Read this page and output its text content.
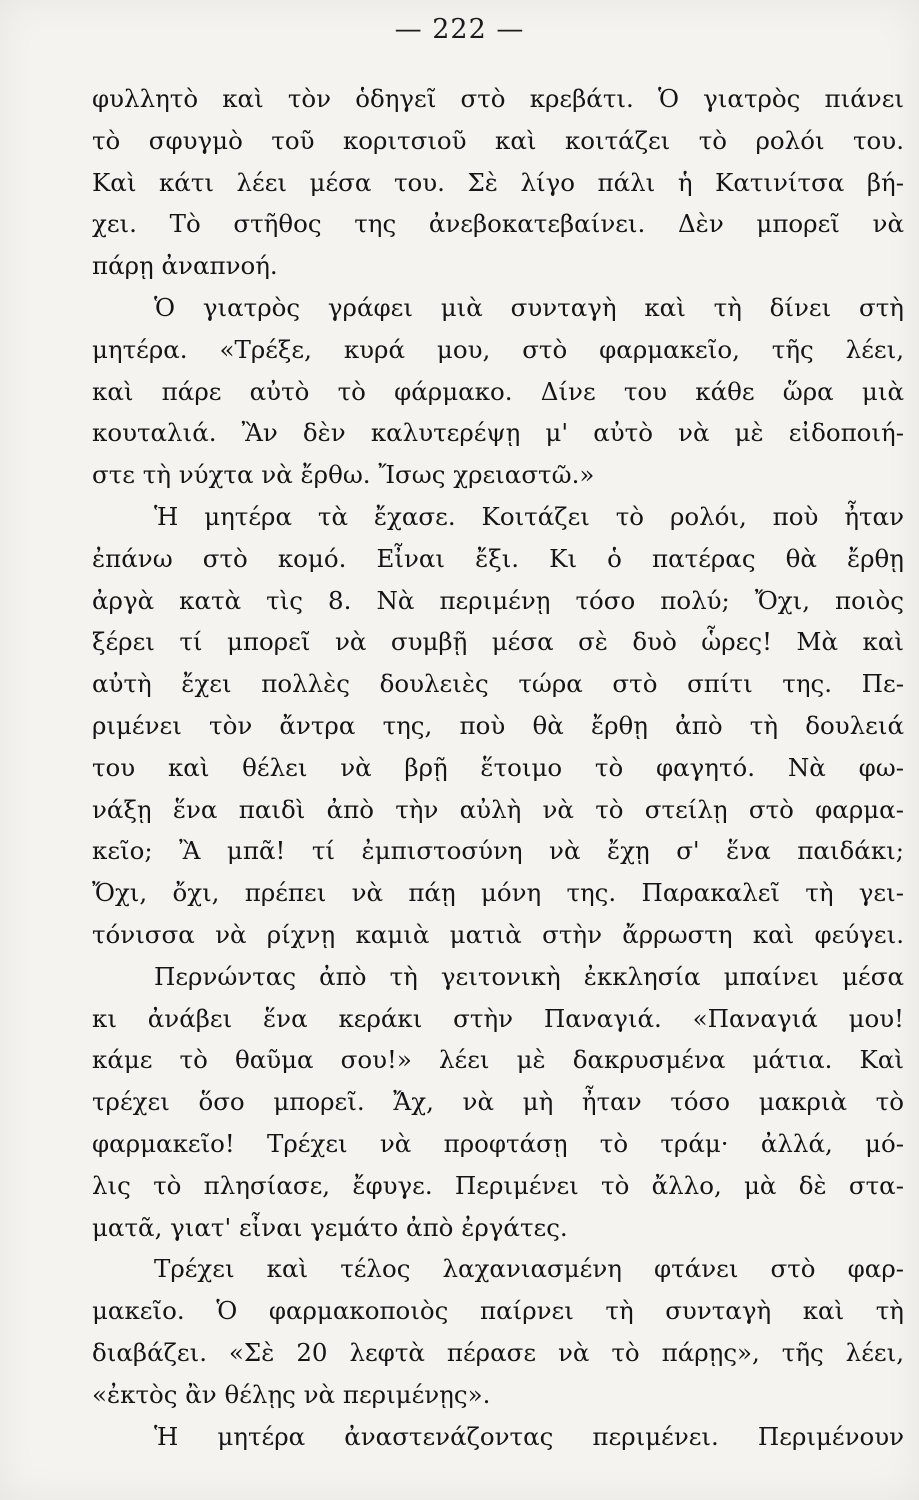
— 222 —
φυλλητὸ καὶ τὸν ὁδηγεῖ στὸ κρεβάτι. Ὁ γιατρὸς πιάνει
τὸ σφυγμὸ τοῦ κοριτσιοῦ καὶ κοιτάζει τὸ ρολόι του.
Καὶ κάτι λέει μέσα του. Σὲ λίγο πάλι ἡ Κατινίτσα βή-
χει. Τὸ στῆθος της ἀνεβοκατεβαίνει. Δὲν μπορεῖ νὰ
πάρῃ ἀναπνοή.
Ὁ γιατρὸς γράφει μιὰ συνταγὴ καὶ τὴ δίνει στὴ
μητέρα. «Τρέξε, κυρά μου, στὸ φαρμακεῖο, τῆς λέει,
καὶ πάρε αὐτὸ τὸ φάρμακο. Δίνε του κάθε ὥρα μιὰ
κουταλιά. Ἂν δὲν καλυτερέψῃ μ' αὐτὸ νὰ μὲ εἰδοποιή-
στε τὴ νύχτα νὰ ἔρθω. Ἴσως χρειαστῶ.»
Ἡ μητέρα τὰ ἔχασε. Κοιτάζει τὸ ρολόι, ποὺ ἦταν
ἐπάνω στὸ κομό. Εἶναι ἔξι. Κι ὁ πατέρας θὰ ἔρθῃ
ἀργὰ κατὰ τὶς 8. Νὰ περιμένῃ τόσο πολύ; Ὄχι, ποιὸς
ξέρει τί μπορεῖ νὰ συμβῇ μέσα σὲ δυὸ ὧρες! Μὰ καὶ
αὐτὴ ἔχει πολλὲς δουλειὲς τώρα στὸ σπίτι της. Πε-
ριμένει τὸν ἄντρα της, ποὺ θὰ ἔρθῃ ἀπὸ τὴ δουλειά
του καὶ θέλει νὰ βρῇ ἕτοιμο τὸ φαγητό. Νὰ φω-
νάξῃ ἕνα παιδὶ ἀπὸ τὴν αὐλὴ νὰ τὸ στείλῃ στὸ φαρμα-
κεῖο; Ἂ μπᾶ! τί ἐμπιστοσύνη νὰ ἔχῃ σ' ἕνα παιδάκι;
Ὄχι, ὄχι, πρέπει νὰ πάῃ μόνη της. Παρακαλεῖ τὴ γει-
τόνισσα νὰ ρίχνῃ καμιὰ ματιὰ στὴν ἄρρωστη καὶ φεύγει.
Περνώντας ἀπὸ τὴ γειτονικὴ ἐκκλησία μπαίνει μέσα
κι ἀνάβει ἕνα κεράκι στὴν Παναγιά. «Παναγιά μου!
κάμε τὸ θαῦμα σου!» λέει μὲ δακρυσμένα μάτια. Καὶ
τρέχει ὅσο μπορεῖ. Ἄχ, νὰ μὴ ἦταν τόσο μακριὰ τὸ
φαρμακεῖο! Τρέχει νὰ προφτάσῃ τὸ τράμ· ἀλλά, μό-
λις τὸ πλησίασε, ἔφυγε. Περιμένει τὸ ἄλλο, μὰ δὲ στα-
ματᾶ, γιατ' εἶναι γεμάτο ἀπὸ ἐργάτες.
Τρέχει καὶ τέλος λαχανιασμένη φτάνει στὸ φαρ-
μακεῖο. Ὁ φαρμακοποιὸς παίρνει τὴ συνταγὴ καὶ τὴ
διαβάζει. «Σὲ 20 λεφτὰ πέρασε νὰ τὸ πάρῃς», τῆς λέει,
«ἐκτὸς ἂν θέλῃς νὰ περιμένῃς».
Ἡ μητέρα ἀναστενάζοντας περιμένει. Περιμένουν
